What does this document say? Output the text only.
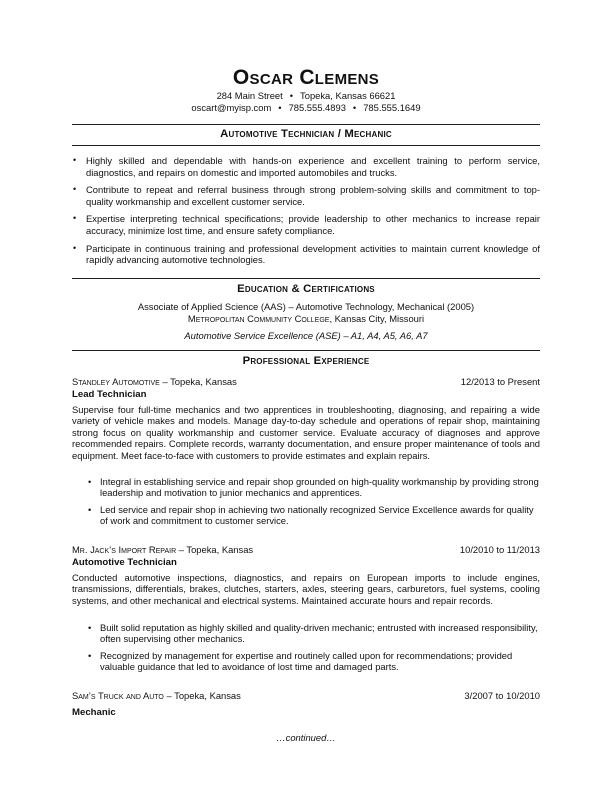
Oscar Clemens
284 Main Street • Topeka, Kansas 66621
oscart@myisp.com • 785.555.4893 • 785.555.1649
Automotive Technician / Mechanic
• Highly skilled and dependable with hands-on experience and excellent training to perform service, diagnostics, and repairs on domestic and imported automobiles and trucks.
• Contribute to repeat and referral business through strong problem-solving skills and commitment to top-quality workmanship and excellent customer service.
• Expertise interpreting technical specifications; provide leadership to other mechanics to increase repair accuracy, minimize lost time, and ensure safety compliance.
• Participate in continuous training and professional development activities to maintain current knowledge of rapidly advancing automotive technologies.
Education & Certifications
Associate of Applied Science (AAS) – Automotive Technology, Mechanical (2005)
Metropolitan Community College, Kansas City, Missouri
Automotive Service Excellence (ASE) – A1, A4, A5, A6, A7
Professional Experience
Standley Automotive – Topeka, Kansas	12/2013 to Present
Lead Technician
Supervise four full-time mechanics and two apprentices in troubleshooting, diagnosing, and repairing a wide variety of vehicle makes and models. Manage day-to-day schedule and operations of repair shop, maintaining strong focus on quality workmanship and customer service. Evaluate accuracy of diagnoses and approve recommended repairs. Complete records, warranty documentation, and ensure proper maintenance of tools and equipment. Meet face-to-face with customers to provide estimates and explain repairs.
• Integral in establishing service and repair shop grounded on high-quality workmanship by providing strong leadership and motivation to junior mechanics and apprentices.
• Led service and repair shop in achieving two nationally recognized Service Excellence awards for quality of work and commitment to customer service.
Mr. Jack’s Import Repair – Topeka, Kansas	10/2010 to 11/2013
Automotive Technician
Conducted automotive inspections, diagnostics, and repairs on European imports to include engines, transmissions, differentials, brakes, clutches, starters, axles, steering gears, carburetors, fuel systems, cooling systems, and other mechanical and electrical systems. Maintained accurate hours and repair records.
• Built solid reputation as highly skilled and quality-driven mechanic; entrusted with increased responsibility, often supervising other mechanics.
• Recognized by management for expertise and routinely called upon for recommendations; provided valuable guidance that led to avoidance of lost time and damaged parts.
Sam’s Truck and Auto – Topeka, Kansas	3/2007 to 10/2010
Mechanic
…continued…
